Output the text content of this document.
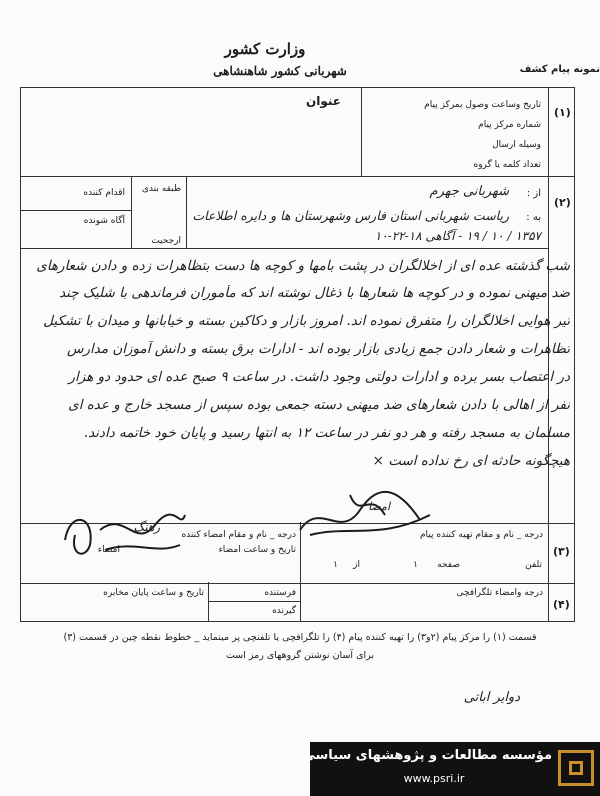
وزارت کشور
شهربانی کشور شاهنشاهی	نمونه پیام کشف
(۱)
عنوان	تاریخ وساعت وصول بمرکز پیام
شماره مرکز پیام
وسیله ارسال
تعداد کلمه یا گروه
(۲)
طبقه بندی
ارجحیت
اقدام کننده
آگاه شونده
از :
به :
شهربانی جهرم
ریاست شهربانی استان فارس وشهرستان ها و دایره اطلاعات
۱۳۵۷ / ۱۰ / ۱۹ - آگاهی ۱۸-۲۲-۱۰
شب گذشته عده ای از اخلالگران در پشت بامها و کوچه ها دست بتظاهرات زده و دادن شعارهای
ضد میهنی نموده و در کوچه ها شعارها با ذغال نوشته اند که مأموران فرماندهی با شلیک چند
تیر هوایی اخلالگران را متفرق نموده اند. امروز بازار و دکاکین بسته و خیابانها و میدان با تشکیل
تظاهرات و شعار دادن جمع زیادی بازار بوده اند - ادارات برق بسته و دانش آموزان مدارس
در اعتصاب بسر برده و ادارات دولتی وجود داشت. در ساعت ۹ صبح عده ای حدود دو هزار
نفر از اهالی با دادن شعارهای ضد میهنی دسته جمعی بوده سپس از مسجد خارج و عده ای
مسلمان به مسجد رفته و هر دو نفر در ساعت ۱۲ به انتها رسید و پایان خود خاتمه دادند.
هیچگونه حادثه ای رخ نداده است ×
(۳)
درجه _ نام و مقام تهیه کننده پیام
تلفن
صفحه
۱
از
۱
درجه _ نام و مقام امضاء کننده
تاریخ و ساعت امضاء
امضاء
رهنگ
امضا
(۴)
درجه وامضاء تلگرافچی
فرستنده
گیرنده
تاریخ و ساعت پایان مخابره
قسمت (۱) را مرکز پیام (۲و۳) را تهیه کننده پیام (۴) را تلگرافچی یا تلفنچی پر مینماید _ خطوط نقطه چین در قسمت (۳)
برای آسان نوشتن گروههای رمز است
دوایر اباتی
مؤسسه مطالعات و پژوهشهای سیاسی
www.psri.ir
